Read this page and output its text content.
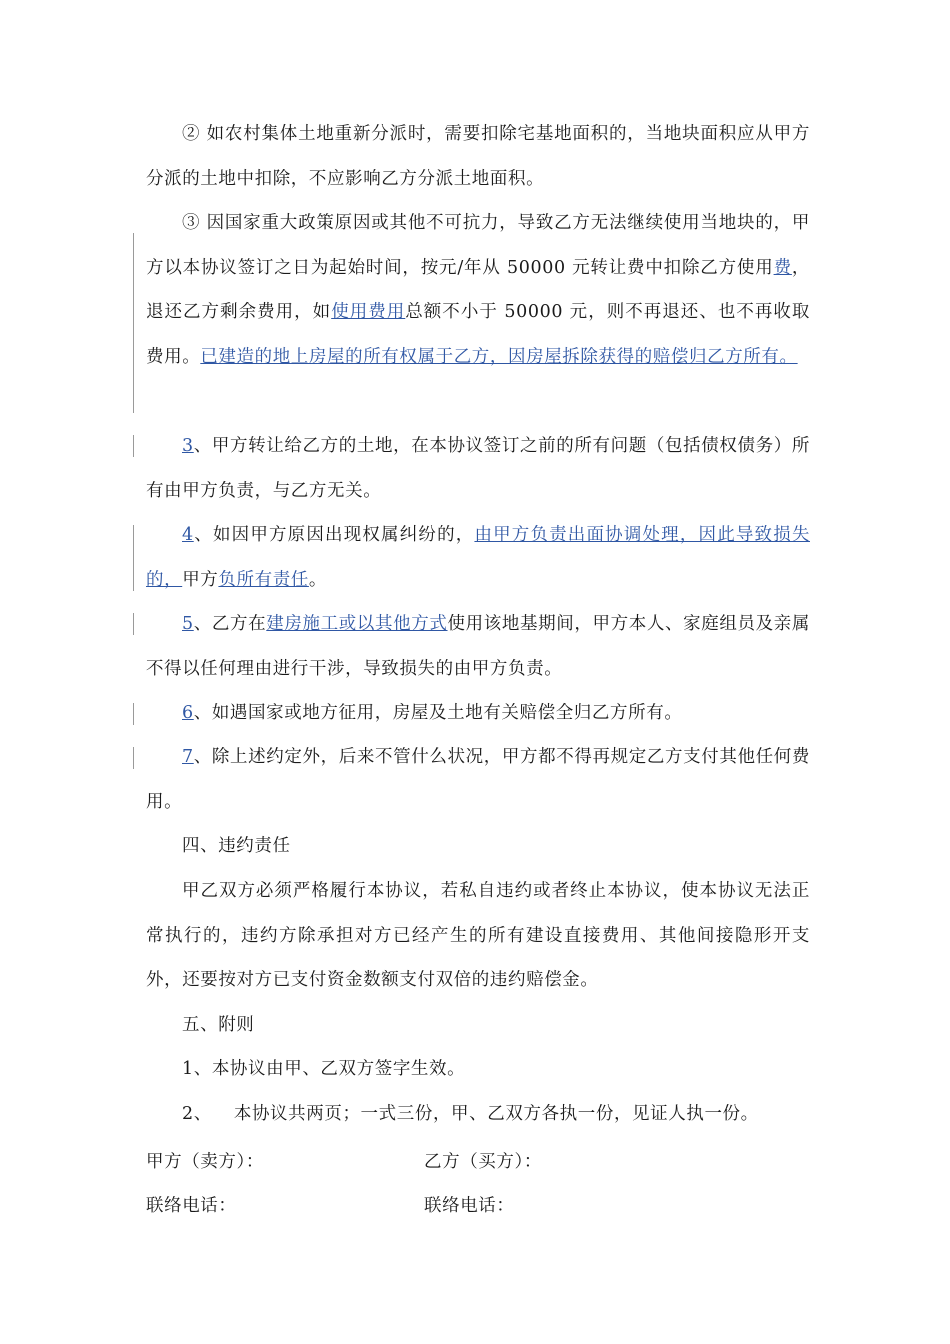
② 如农村集体土地重新分派时，需要扣除宅基地面积的，当地块面积应从甲方分派的土地中扣除，不应影响乙方分派土地面积。

③ 因国家重大政策原因或其他不可抗力，导致乙方无法继续使用当地块的，甲方以本协议签订之日为起始时间，按元/年从 50000 元转让费中扣除乙方使用费，退还乙方剩余费用，如使用费用总额不小于 50000 元，则不再退还、也不再收取费用。已建造的地上房屋的所有权属于乙方，因房屋拆除获得的赔偿归乙方所有。

3、甲方转让给乙方的土地，在本协议签订之前的所有问题（包括债权债务）所有由甲方负责，与乙方无关。

4、如因甲方原因出现权属纠纷的，由甲方负责出面协调处理，因此导致损失的，甲方负所有责任。

5、乙方在建房施工或以其他方式使用该地基期间，甲方本人、家庭组员及亲属不得以任何理由进行干涉，导致损失的由甲方负责。

6、如遇国家或地方征用，房屋及土地有关赔偿全归乙方所有。

7、除上述约定外，后来不管什么状况，甲方都不得再规定乙方支付其他任何费用。

四、违约责任

甲乙双方必须严格履行本协议，若私自违约或者终止本协议，使本协议无法正常执行的，违约方除承担对方已经产生的所有建设直接费用、其他间接隐形开支外，还要按对方已支付资金数额支付双倍的违约赔偿金。

五、附则

1、本协议由甲、乙双方签字生效。

2、 本协议共两页；一式三份，甲、乙双方各执一份，见证人执一份。

甲方（卖方）：	乙方（买方）：
联络电话：	联络电话：
